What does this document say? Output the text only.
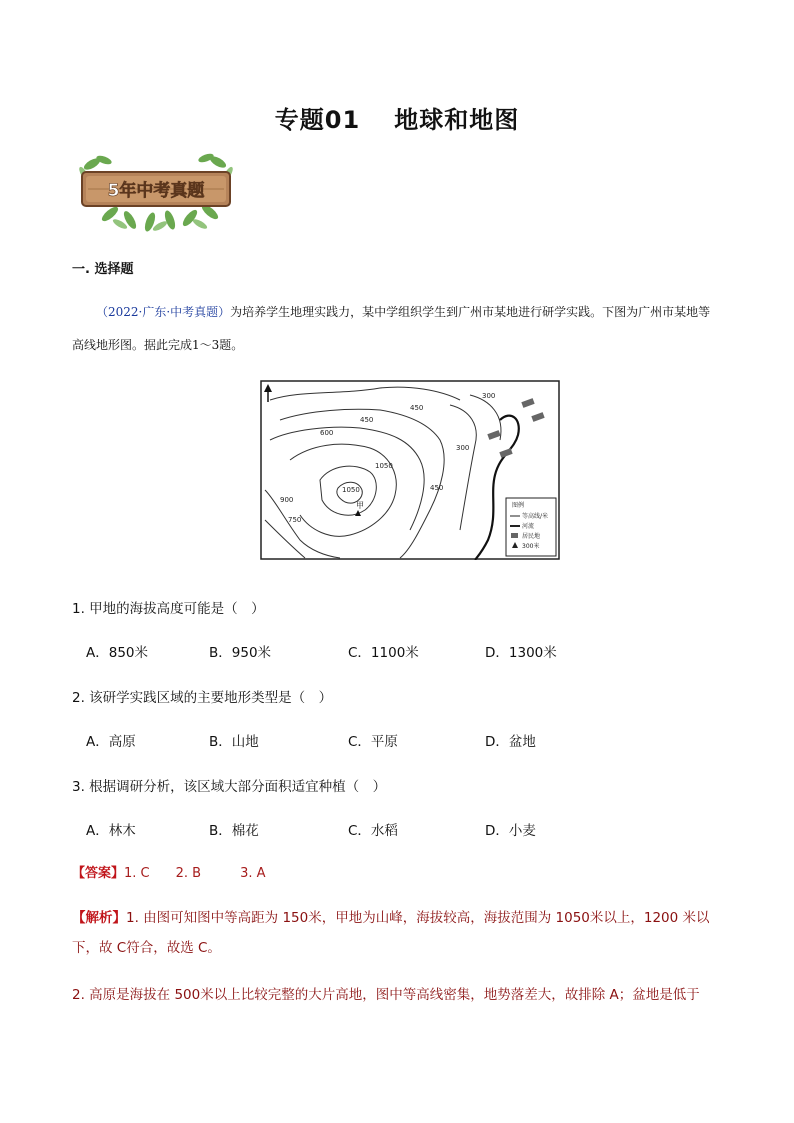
专题01 地球和地图
5年中考真题
一. 选择题
（2022·广东·中考真题）为培养学生地理实践力，某中学组织学生到广州市某地进行研学实践。下图为广州市某地等高线地形图。据此完成1～3题。
450
450
600
900
1050
1050
750
300
450
300
甲	图例
等高线/米
河流
居民地
300米
1. 甲地的海拔高度可能是（　）
A．850米	B．950米	C．1100米	D．1300米
2. 该研学实践区域的主要地形类型是（　）
A．高原	B．山地	C．平原	D．盆地
3. 根据调研分析，该区域大部分面积适宜种植（　）
A．林木	B．棉花	C．水稻	D．小麦
【答案】1. C　　2. B　　　3. A
【解析】1. 由图可知图中等高距为 150米，甲地为山峰，海拔较高，海拔范围为 1050米以上，1200 米以下，故 C符合，故选 C。
2. 高原是海拔在 500米以上比较完整的大片高地，图中等高线密集，地势落差大，故排除 A；盆地是低于
